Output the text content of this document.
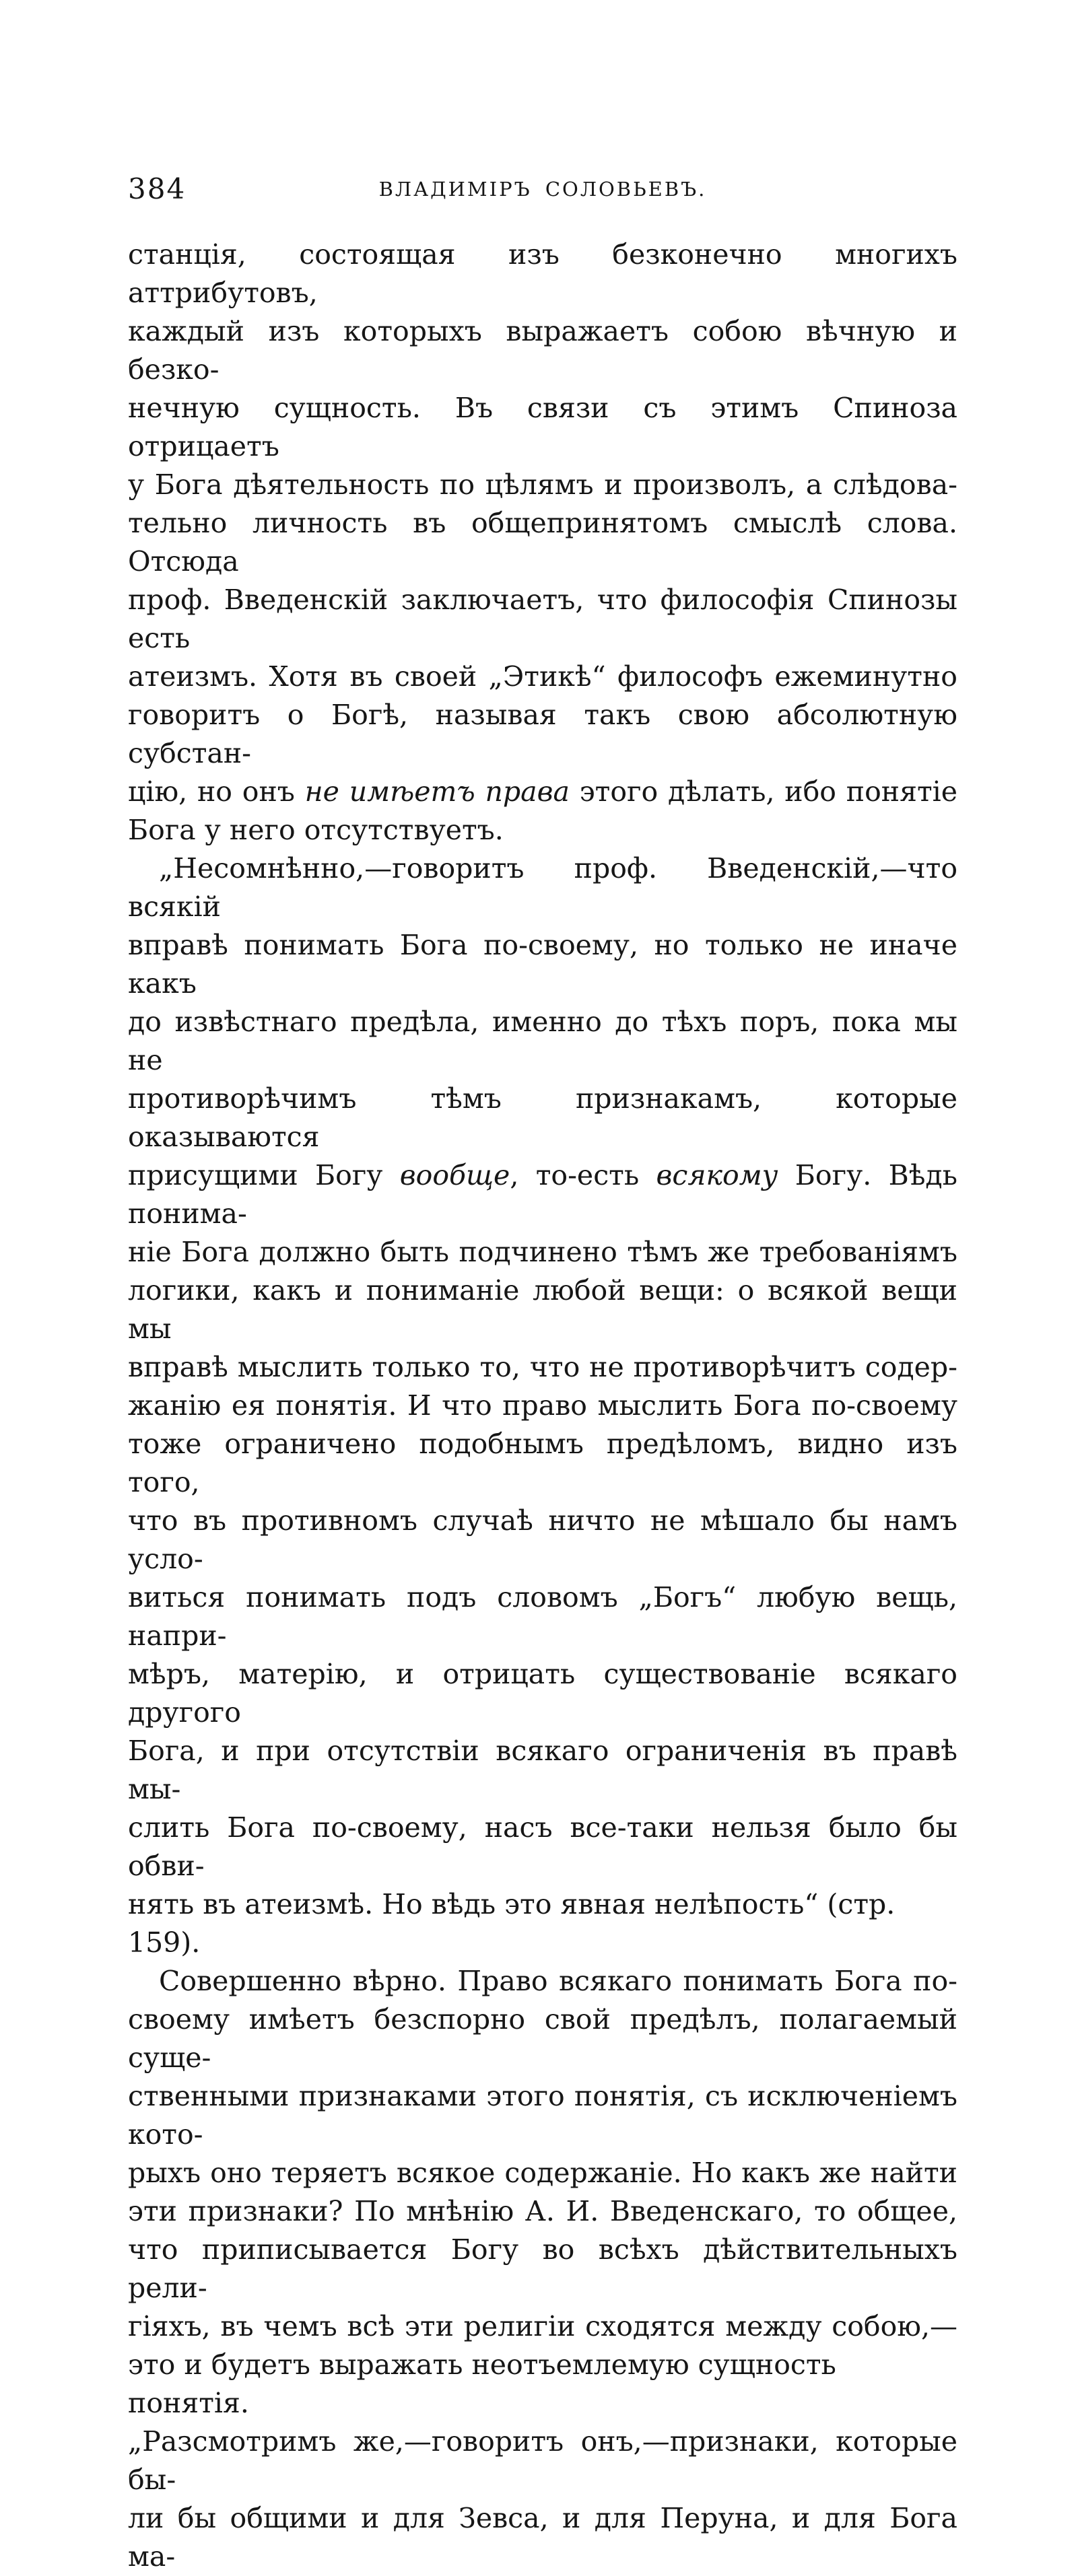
384	ВЛАДИМІРЪ СОЛОВЬЕВЪ.
станція, состоящая изъ безконечно многихъ аттрибутовъ,
каждый изъ которыхъ выражаетъ собою вѣчную и безко-
нечную сущность. Въ связи съ этимъ Спиноза отрицаетъ
у Бога дѣятельность по цѣлямъ и произволъ, а слѣдова-
тельно личность въ общепринятомъ смыслѣ слова. Отсюда
проф. Введенскій заключаетъ, что философія Спинозы есть
атеизмъ. Хотя въ своей „Этикѣ“ философъ ежеминутно
говоритъ о Богѣ, называя такъ свою абсолютную субстан-
цію, но онъ не имѣетъ права этого дѣлать, ибо понятіе
Бога у него отсутствуетъ.
„Несомнѣнно,—говоритъ проф. Введенскій,—что всякій
вправѣ понимать Бога по-своему, но только не иначе какъ
до извѣстнаго предѣла, именно до тѣхъ поръ, пока мы не
противорѣчимъ тѣмъ признакамъ, которые оказываются
присущими Богу вообще, то-есть всякому Богу. Вѣдь понима-
ніе Бога должно быть подчинено тѣмъ же требованіямъ
логики, какъ и пониманіе любой вещи: о всякой вещи мы
вправѣ мыслить только то, что не противорѣчитъ содер-
жанію ея понятія. И что право мыслить Бога по-своему
тоже ограничено подобнымъ предѣломъ, видно изъ того,
что въ противномъ случаѣ ничто не мѣшало бы намъ усло-
виться понимать подъ словомъ „Богъ“ любую вещь, напри-
мѣръ, матерію, и отрицать существованіе всякаго другого
Бога, и при отсутствіи всякаго ограниченія въ правѣ мы-
слить Бога по-своему, насъ все-таки нельзя было бы обви-
нять въ атеизмѣ. Но вѣдь это явная нелѣпость“ (стр. 159).
Совершенно вѣрно. Право всякаго понимать Бога по-
своему имѣетъ безспорно свой предѣлъ, полагаемый суще-
ственными признаками этого понятія, съ исключеніемъ кото-
рыхъ оно теряетъ всякое содержаніе. Но какъ же найти
эти признаки? По мнѣнію А. И. Введенскаго, то общее,
что приписывается Богу во всѣхъ дѣйствительныхъ рели-
гіяхъ, въ чемъ всѣ эти религіи сходятся между собою,—
это и будетъ выражать неотъемлемую сущность понятія.
„Разсмотримъ же,—говоритъ онъ,—признаки, которые бы-
ли бы общими и для Зевса, и для Перуна, и для Бога ма-
